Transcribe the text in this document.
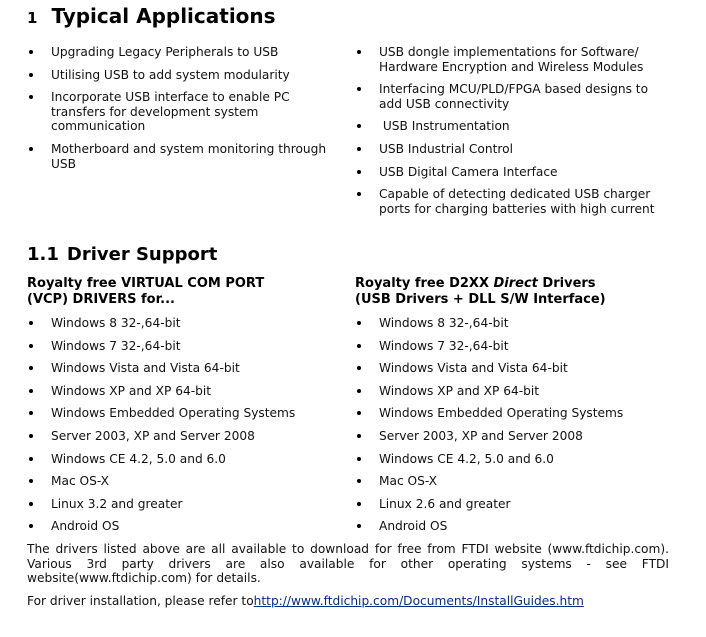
1 Typical Applications
Upgrading Legacy Peripherals to USB
Utilising USB to add system modularity
Incorporate USB interface to enable PC transfers for development system communication
Motherboard and system monitoring through USB
USB dongle implementations for Software/ Hardware Encryption and Wireless Modules
Interfacing MCU/PLD/FPGA based designs to add USB connectivity
USB Instrumentation
USB Industrial Control
USB Digital Camera Interface
Capable of detecting dedicated USB charger ports for charging batteries with high current
1.1 Driver Support
Royalty free VIRTUAL COM PORT
(VCP) DRIVERS for...
Royalty free D2XX Direct Drivers
(USB Drivers + DLL S/W Interface)
Windows 8 32-,64-bit
Windows 7 32-,64-bit
Windows Vista and Vista 64-bit
Windows XP and XP 64-bit
Windows Embedded Operating Systems
Server 2003, XP and Server 2008
Windows CE 4.2, 5.0 and 6.0
Mac OS-X
Linux 3.2 and greater
Android OS
Windows 8 32-,64-bit
Windows 7 32-,64-bit
Windows Vista and Vista 64-bit
Windows XP and XP 64-bit
Windows Embedded Operating Systems
Server 2003, XP and Server 2008
Windows CE 4.2, 5.0 and 6.0
Mac OS-X
Linux 2.6 and greater
Android OS
The drivers listed above are all available to download for free from FTDI website (www.ftdichip.com). Various 3rd party drivers are also available for other operating systems - see FTDI website(www.ftdichip.com) for details.
For driver installation, please refer tohttp://www.ftdichip.com/Documents/InstallGuides.htm
